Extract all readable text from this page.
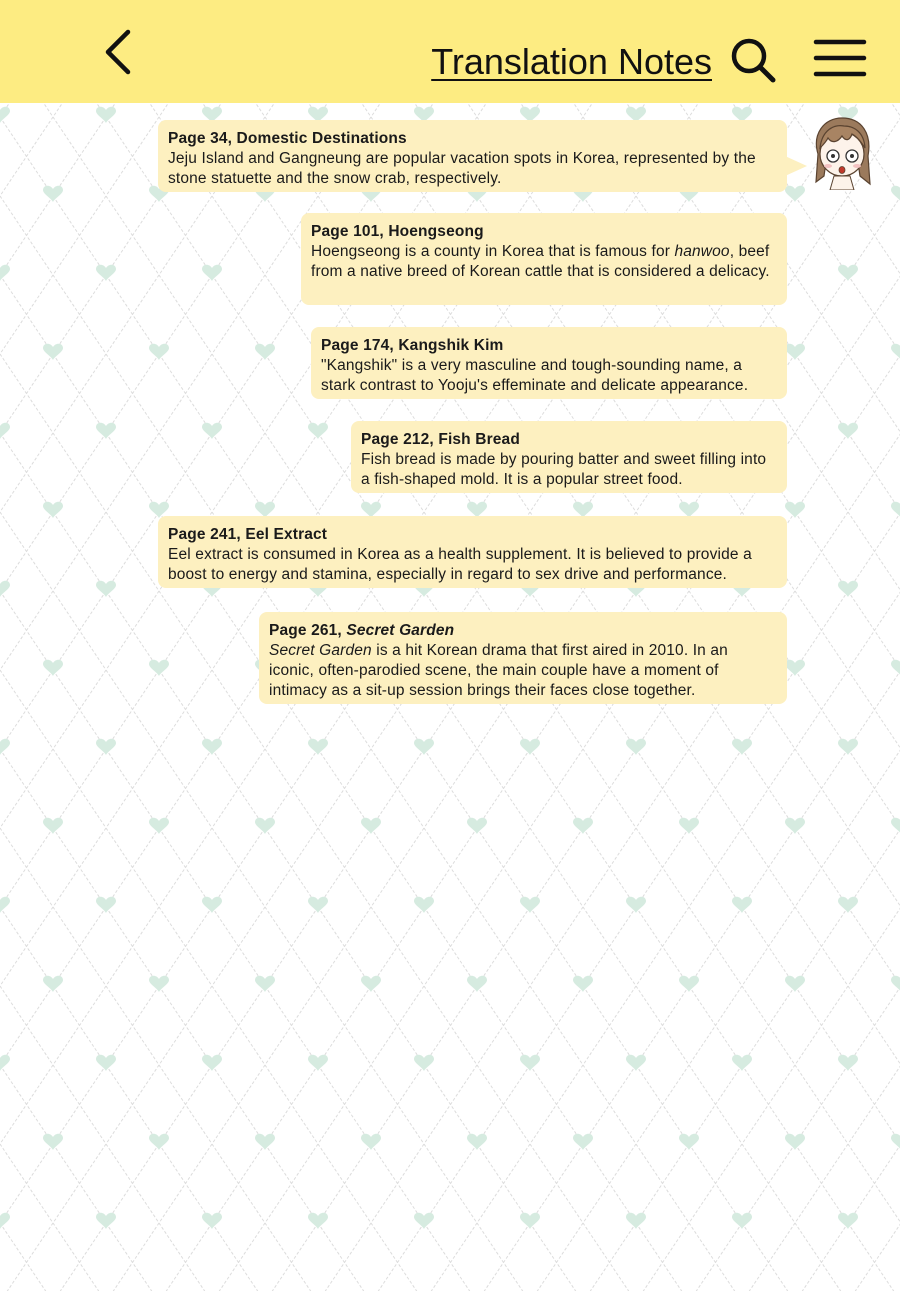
Translation Notes
Page 34, Domestic Destinations
Jeju Island and Gangneung are popular vacation spots in Korea, represented by the stone statuette and the snow crab, respectively.
Page 101, Hoengseong
Hoengseong is a county in Korea that is famous for hanwoo, beef from a native breed of Korean cattle that is considered a delicacy.
Page 174, Kangshik Kim
"Kangshik" is a very masculine and tough-sounding name, a stark contrast to Yooju's effeminate and delicate appearance.
Page 212, Fish Bread
Fish bread is made by pouring batter and sweet filling into a fish-shaped mold. It is a popular street food.
Page 241, Eel Extract
Eel extract is consumed in Korea as a health supplement. It is believed to provide a boost to energy and stamina, especially in regard to sex drive and performance.
Page 261, Secret Garden
Secret Garden is a hit Korean drama that first aired in 2010. In an iconic, often-parodied scene, the main couple have a moment of intimacy as a sit-up session brings their faces close together.
